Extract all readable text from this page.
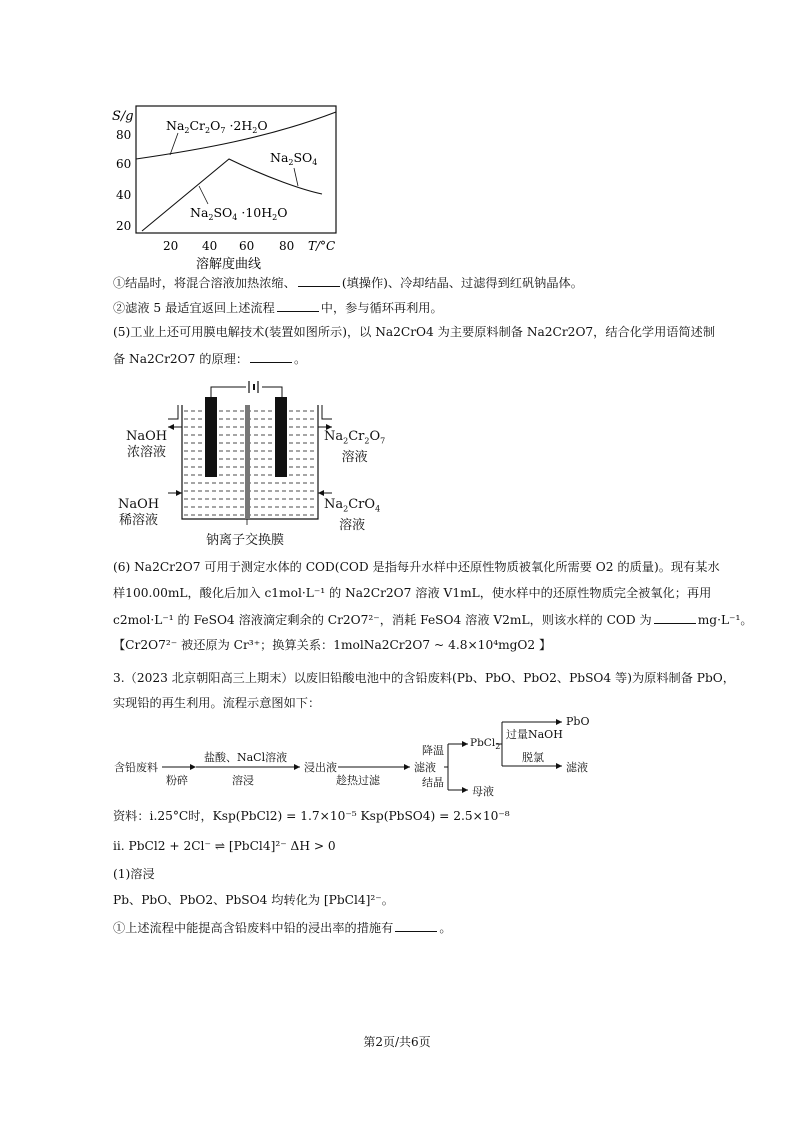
S/g
80
60
40
20
20 40 60 80 T/°C
溶解度曲线
$Na_2Cr_2O_7 \cdot 2H_2O$
$Na_2SO_4$
$Na_2SO_4 \cdot 10H_2O$
①结晶时，将混合溶液加热浓缩、	(填操作)、冷却结晶、过滤得到红矾钠晶体。
②滤液 5 最适宜返回上述流程	中，参与循环再利用。
(5)工业上还可用膜电解技术(装置如图所示)，以 Na2CrO4 为主要原料制备 Na2Cr2O7，结合化学用语简述制
备 Na2Cr2O7 的原理：	。
NaOH
浓溶液
NaOH
稀溶液
$Na_2Cr_2O_7$
溶液
$Na_2CrO_4$
溶液
钠离子交换膜
(6) Na2Cr2O7 可用于测定水体的 COD(COD 是指每升水样中还原性物质被氧化所需要 O2 的质量)。现有某水
样100.00mL，酸化后加入 c1mol·L⁻¹ 的 Na2Cr2O7 溶液 V1mL，使水样中的还原性物质完全被氧化；再用
c2mol·L⁻¹ 的 FeSO4 溶液滴定剩余的 Cr2O7²⁻，消耗 FeSO4 溶液 V2mL，则该水样的 COD 为	mg·L⁻¹。
【Cr2O7²⁻ 被还原为 Cr³⁺；换算关系：1molNa2Cr2O7 ~ 4.8×10⁴mgO2 】
3.（2023 北京朝阳高三上期末）以废旧铅酸电池中的含铅废料(Pb、PbO、PbO2、PbSO4 等)为原料制备 PbO，
实现铅的再生利用。流程示意图如下：
含铅废料
粉碎
盐酸、NaCl溶液
溶浸
浸出液
趁热过滤
滤液
降温
结晶
PbCl$_2$
过量NaOH
脱氯
PbO
滤液
母液
资料：i.25°C时，Ksp(PbCl2) = 1.7×10⁻⁵ Ksp(PbSO4) = 2.5×10⁻⁸
ii. PbCl2 + 2Cl⁻ ⇌ [PbCl4]²⁻ ΔH > 0
(1)溶浸
Pb、PbO、PbO2、PbSO4 均转化为 [PbCl4]²⁻。
①上述流程中能提高含铅废料中铅的浸出率的措施有	。
第2页/共6页
